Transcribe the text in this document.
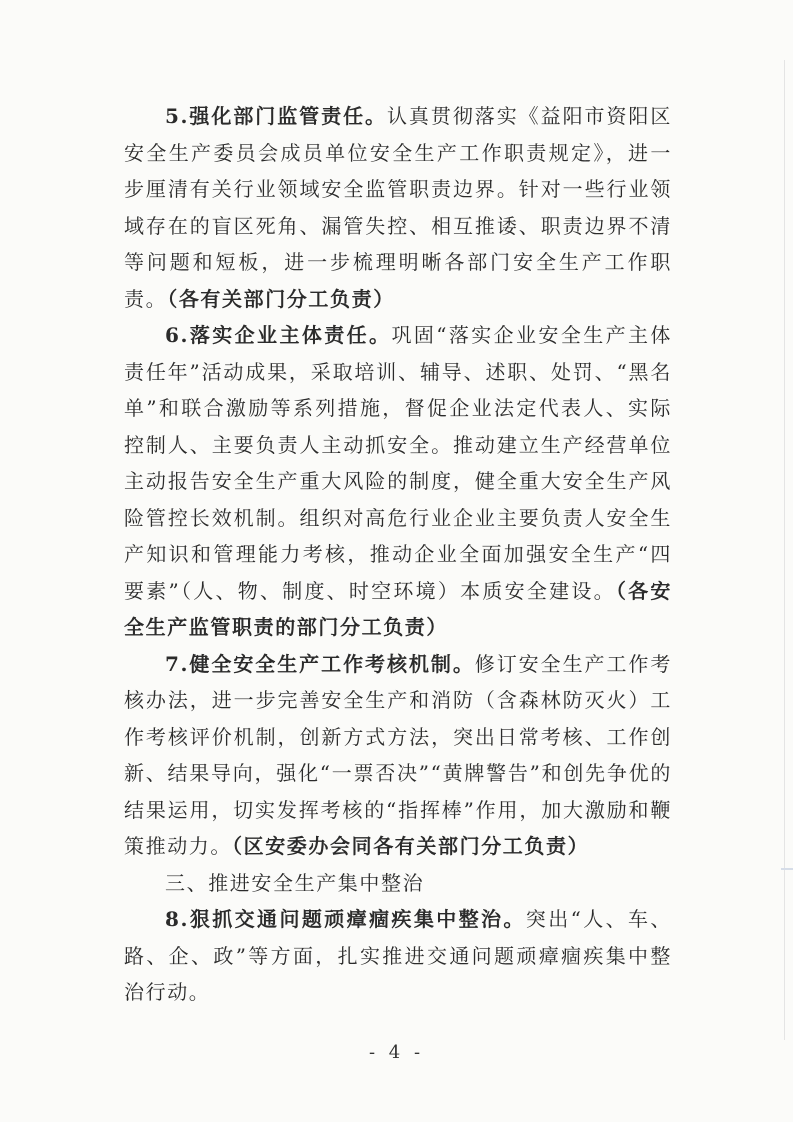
5.强化部门监管责任。认真贯彻落实《益阳市资阳区安全生产委员会成员单位安全生产工作职责规定》，进一步厘清有关行业领域安全监管职责边界。针对一些行业领域存在的盲区死角、漏管失控、相互推诿、职责边界不清等问题和短板，进一步梳理明晰各部门安全生产工作职责。（各有关部门分工负责）

6.落实企业主体责任。巩固“落实企业安全生产主体责任年”活动成果，采取培训、辅导、述职、处罚、“黑名单”和联合激励等系列措施，督促企业法定代表人、实际控制人、主要负责人主动抓安全。推动建立生产经营单位主动报告安全生产重大风险的制度，健全重大安全生产风险管控长效机制。组织对高危行业企业主要负责人安全生产知识和管理能力考核，推动企业全面加强安全生产“四要素”（人、物、制度、时空环境）本质安全建设。（各安全生产监管职责的部门分工负责）

7.健全安全生产工作考核机制。修订安全生产工作考核办法，进一步完善安全生产和消防（含森林防灭火）工作考核评价机制，创新方式方法，突出日常考核、工作创新、结果导向，强化“一票否决”“黄牌警告”和创先争优的结果运用，切实发挥考核的“指挥棒”作用，加大激励和鞭策推动力。（区安委办会同各有关部门分工负责）

三、推进安全生产集中整治

8.狠抓交通问题顽瘴痼疾集中整治。突出“人、车、路、企、政”等方面，扎实推进交通问题顽瘴痼疾集中整治行动。

- 4 -
